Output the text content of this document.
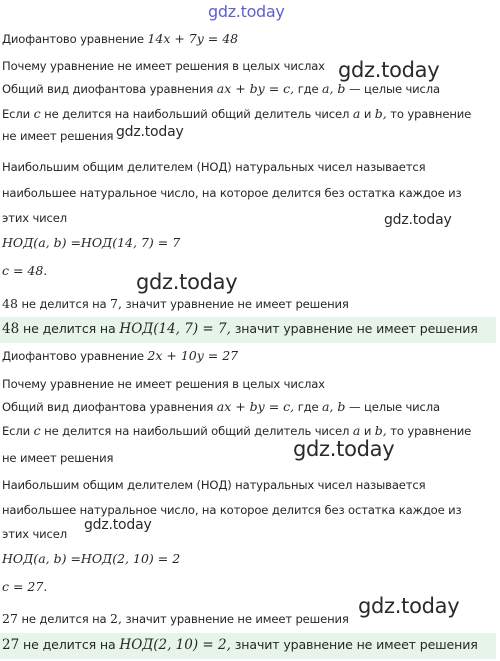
Диофантово уравнение 14x + 7y = 48
Почему уравнение не имеет решения в целых числах
Общий вид диофантова уравнения ax + by = c, где a, b — целые числа
Если c не делится на наибольший общий делитель чисел a и b, то уравнение
не имеет решения
Наибольшим общим делителем (НОД) натуральных чисел называется
наибольшее натуральное число, на которое делится без остатка каждое из
этих чисел
НОД(a, b) =НОД(14, 7) = 7
c = 48.
48 не делится на 7, значит уравнение не имеет решения
48 не делится на НОД(14, 7) = 7, значит уравнение не имеет решения
Диофантово уравнение 2x + 10y = 27
Почему уравнение не имеет решения в целых числах
Общий вид диофантова уравнения ax + by = c, где a, b — целые числа
Если c не делится на наибольший общий делитель чисел a и b, то уравнение
не имеет решения
Наибольшим общим делителем (НОД) натуральных чисел называется
наибольшее натуральное число, на которое делится без остатка каждое из
этих чисел
НОД(a, b) =НОД(2, 10) = 2
c = 27.
27 не делится на 2, значит уравнение не имеет решения
27 не делится на НОД(2, 10) = 2, значит уравнение не имеет решения
gdz.today
gdz.today
gdz.today
gdz.today
gdz.today
gdz.today
gdz.today
gdz.today
